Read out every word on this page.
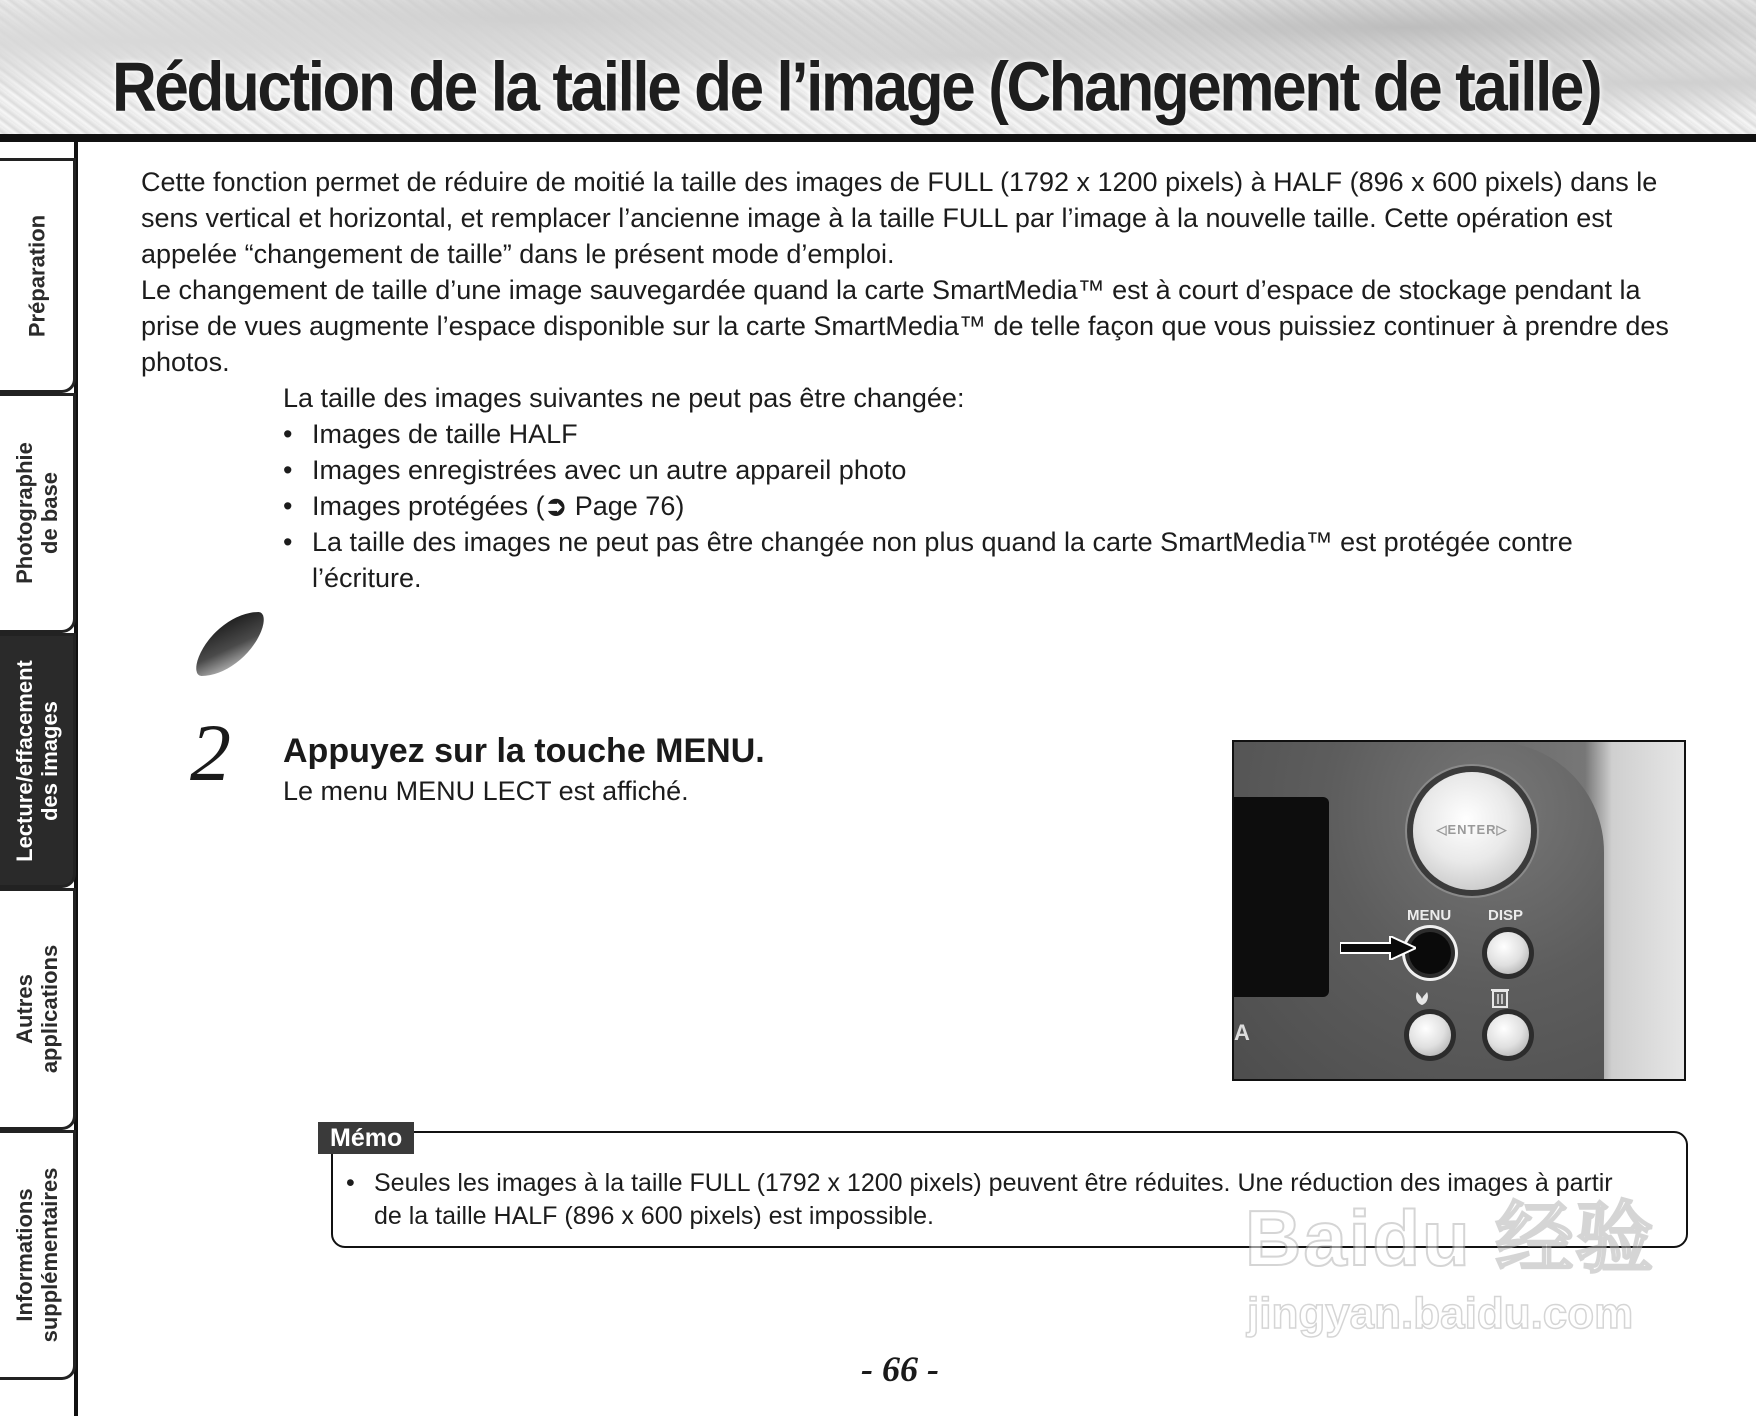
Réduction de la taille de l’image (Changement de taille)
Préparation
Photographie de base
Lecture/effacement des images
Autres applications
Informations supplémentaires

Cette fonction permet de réduire de moitié la taille des images de FULL (1792 x 1200 pixels) à HALF (896 x 600 pixels) dans le sens vertical et horizontal, et remplacer l’ancienne image à la taille FULL par l’image à la nouvelle taille. Cette opération est appelée “changement de taille” dans le présent mode d’emploi.

Le changement de taille d’une image sauvegardée quand la carte SmartMedia™ est à court d’espace de stockage pendant la prise de vues augmente l’espace disponible sur la carte SmartMedia™ de telle façon que vous puissiez continuer à prendre des photos.

La taille des images suivantes ne peut pas être changée:

• Images de taille HALF
• Images enregistrées avec un autre appareil photo
• Images protégées (➲ Page 76)
• La taille des images ne peut pas être changée non plus quand la carte SmartMedia™ est protégée contre l’écriture.
2 Appuyez sur la touche MENU.

Le menu MENU LECT est affiché.

A
◁ENTER▷
MENU DISP
Mémo
• Seules les images à la taille FULL (1792 x 1200 pixels) peuvent être réduites. Une réduction des images à partir de la taille HALF (896 x 600 pixels) est impossible.	Baidu 经验
jingyan.baidu.com
- 66 -
